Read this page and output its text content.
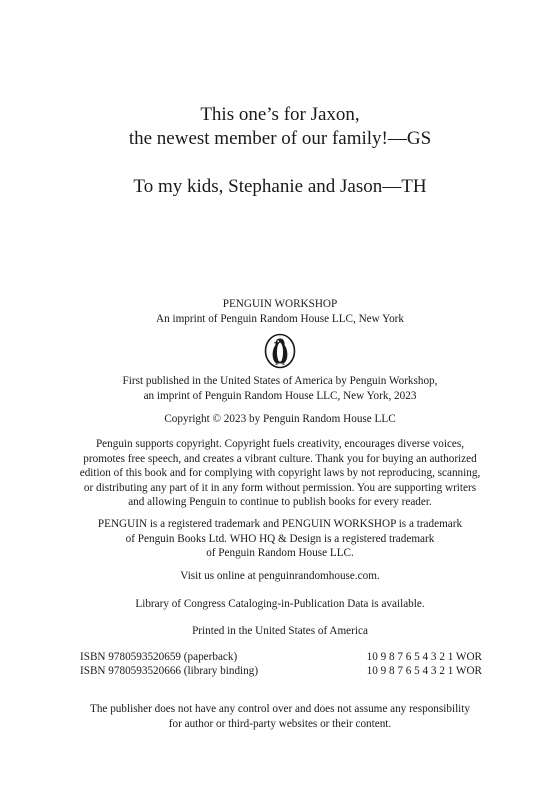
This one’s for Jaxon,
the newest member of our family!—GS

To my kids, Stephanie and Jason—TH

PENGUIN WORKSHOP
An imprint of Penguin Random House LLC, New York

First published in the United States of America by Penguin Workshop,
an imprint of Penguin Random House LLC, New York, 2023

Copyright © 2023 by Penguin Random House LLC

Penguin supports copyright. Copyright fuels creativity, encourages diverse voices,
promotes free speech, and creates a vibrant culture. Thank you for buying an authorized
edition of this book and for complying with copyright laws by not reproducing, scanning,
or distributing any part of it in any form without permission. You are supporting writers
and allowing Penguin to continue to publish books for every reader.

PENGUIN is a registered trademark and PENGUIN WORKSHOP is a trademark
of Penguin Books Ltd. WHO HQ & Design is a registered trademark
of Penguin Random House LLC.

Visit us online at penguinrandomhouse.com.

Library of Congress Cataloging-in-Publication Data is available.

Printed in the United States of America

ISBN 9780593520659 (paperback)	10 9 8 7 6 5 4 3 2 1 WOR
ISBN 9780593520666 (library binding)	10 9 8 7 6 5 4 3 2 1 WOR

The publisher does not have any control over and does not assume any responsibility
for author or third-party websites or their content.
